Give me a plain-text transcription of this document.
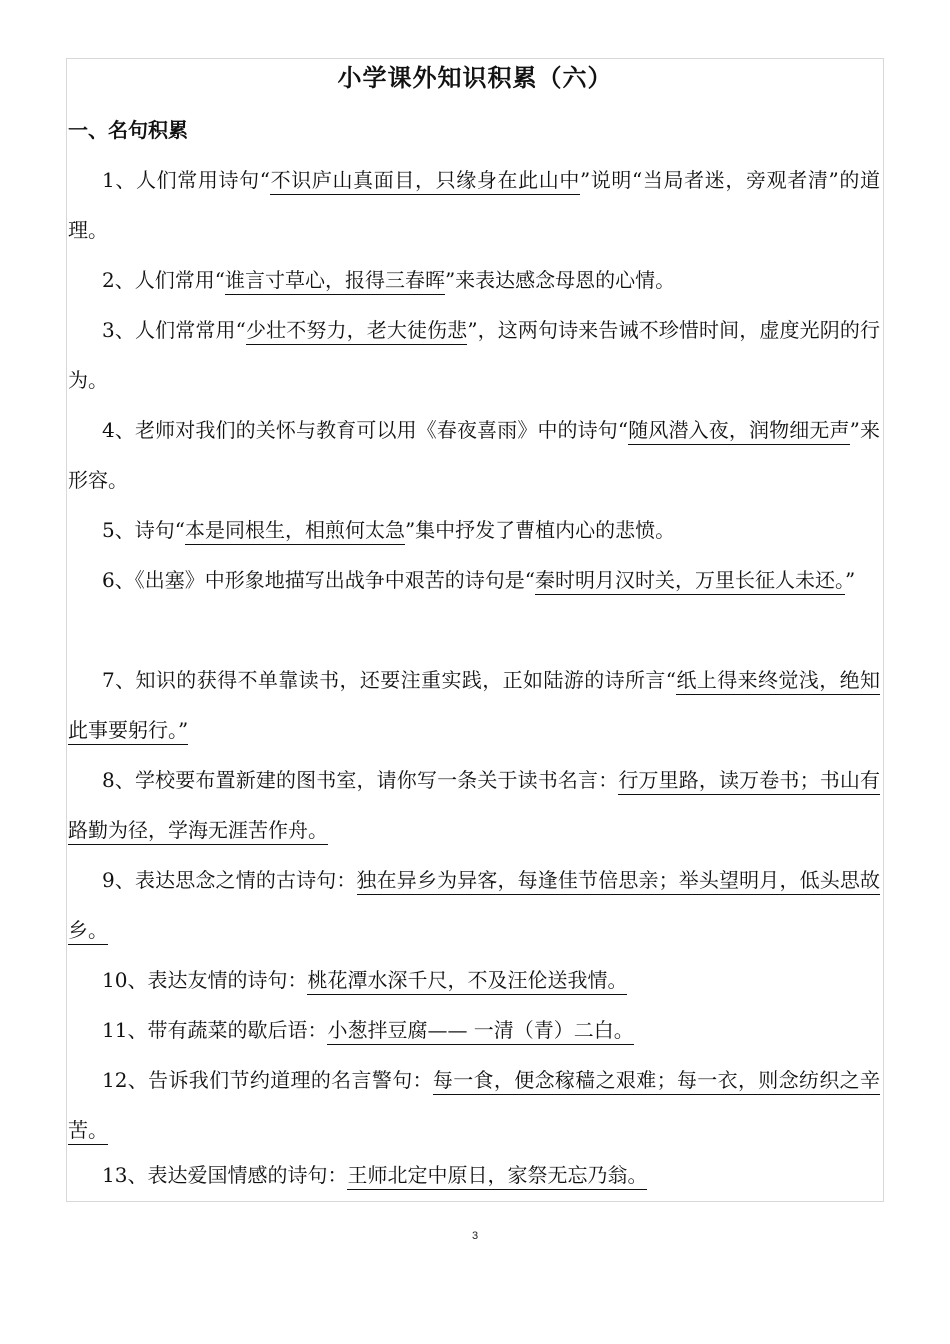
小学课外知识积累（六）
一、名句积累
1、人们常用诗句“不识庐山真面目，只缘身在此山中”说明“当局者迷，旁观者清”的道理。
2、人们常用“谁言寸草心，报得三春晖”来表达感念母恩的心情。
3、人们常常用“少壮不努力，老大徒伤悲”，这两句诗来告诫不珍惜时间，虚度光阴的行为。
4、老师对我们的关怀与教育可以用《春夜喜雨》中的诗句“随风潜入夜，润物细无声”来形容。
5、诗句“本是同根生，相煎何太急”集中抒发了曹植内心的悲愤。
6、《出塞》中形象地描写出战争中艰苦的诗句是“秦时明月汉时关，万里长征人未还。”
7、知识的获得不单靠读书，还要注重实践，正如陆游的诗所言“纸上得来终觉浅，绝知此事要躬行。”
8、学校要布置新建的图书室，请你写一条关于读书名言：行万里路，读万卷书；书山有路勤为径，学海无涯苦作舟。
9、表达思念之情的古诗句：独在异乡为异客，每逢佳节倍思亲；举头望明月，低头思故乡。
10、表达友情的诗句：桃花潭水深千尺，不及汪伦送我情。
11、带有蔬菜的歇后语：小葱拌豆腐—— 一清（青）二白。
12、告诉我们节约道理的名言警句：每一食，便念稼穑之艰难；每一衣，则念纺织之辛苦。
13、表达爱国情感的诗句：王师北定中原日，家祭无忘乃翁。
3
